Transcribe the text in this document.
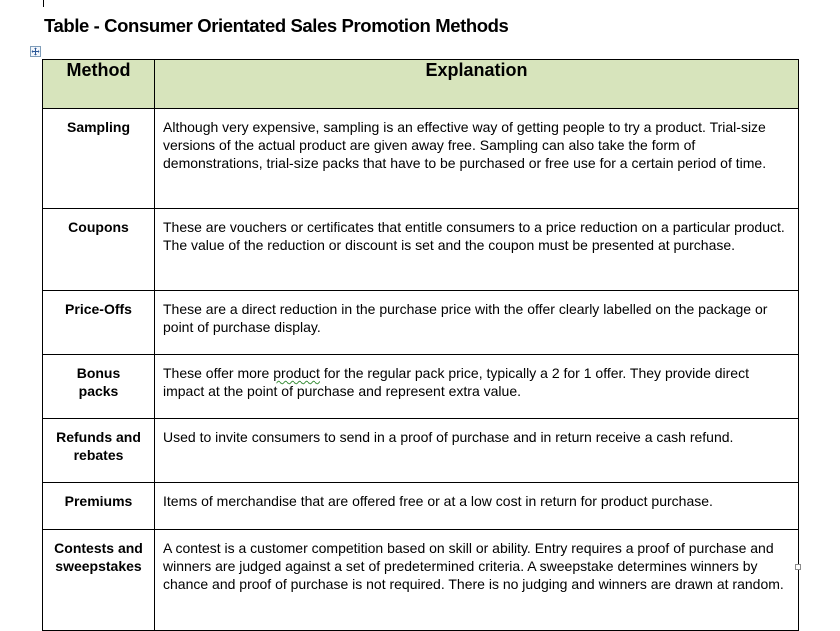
Table - Consumer Orientated Sales Promotion Methods
Method	Explanation
Sampling	Although very expensive, sampling is an effective way of getting people to try a product. Trial-size versions of the actual product are given away free. Sampling can also take the form of demonstrations, trial-size packs that have to be purchased or free use for a certain period of time.
Coupons	These are vouchers or certificates that entitle consumers to a price reduction on a particular product. The value of the reduction or discount is set and the coupon must be presented at purchase.
Price-Offs	These are a direct reduction in the purchase price with the offer clearly labelled on the package or point of purchase display.
Bonus packs	These offer more product for the regular pack price, typically a 2 for 1 offer. They provide direct impact at the point of purchase and represent extra value.
Refunds and rebates	Used to invite consumers to send in a proof of purchase and in return receive a cash refund.
Premiums	Items of merchandise that are offered free or at a low cost in return for product purchase.
Contests and sweepstakes	A contest is a customer competition based on skill or ability. Entry requires a proof of purchase and winners are judged against a set of predetermined criteria. A sweepstake determines winners by chance and proof of purchase is not required. There is no judging and winners are drawn at random.
